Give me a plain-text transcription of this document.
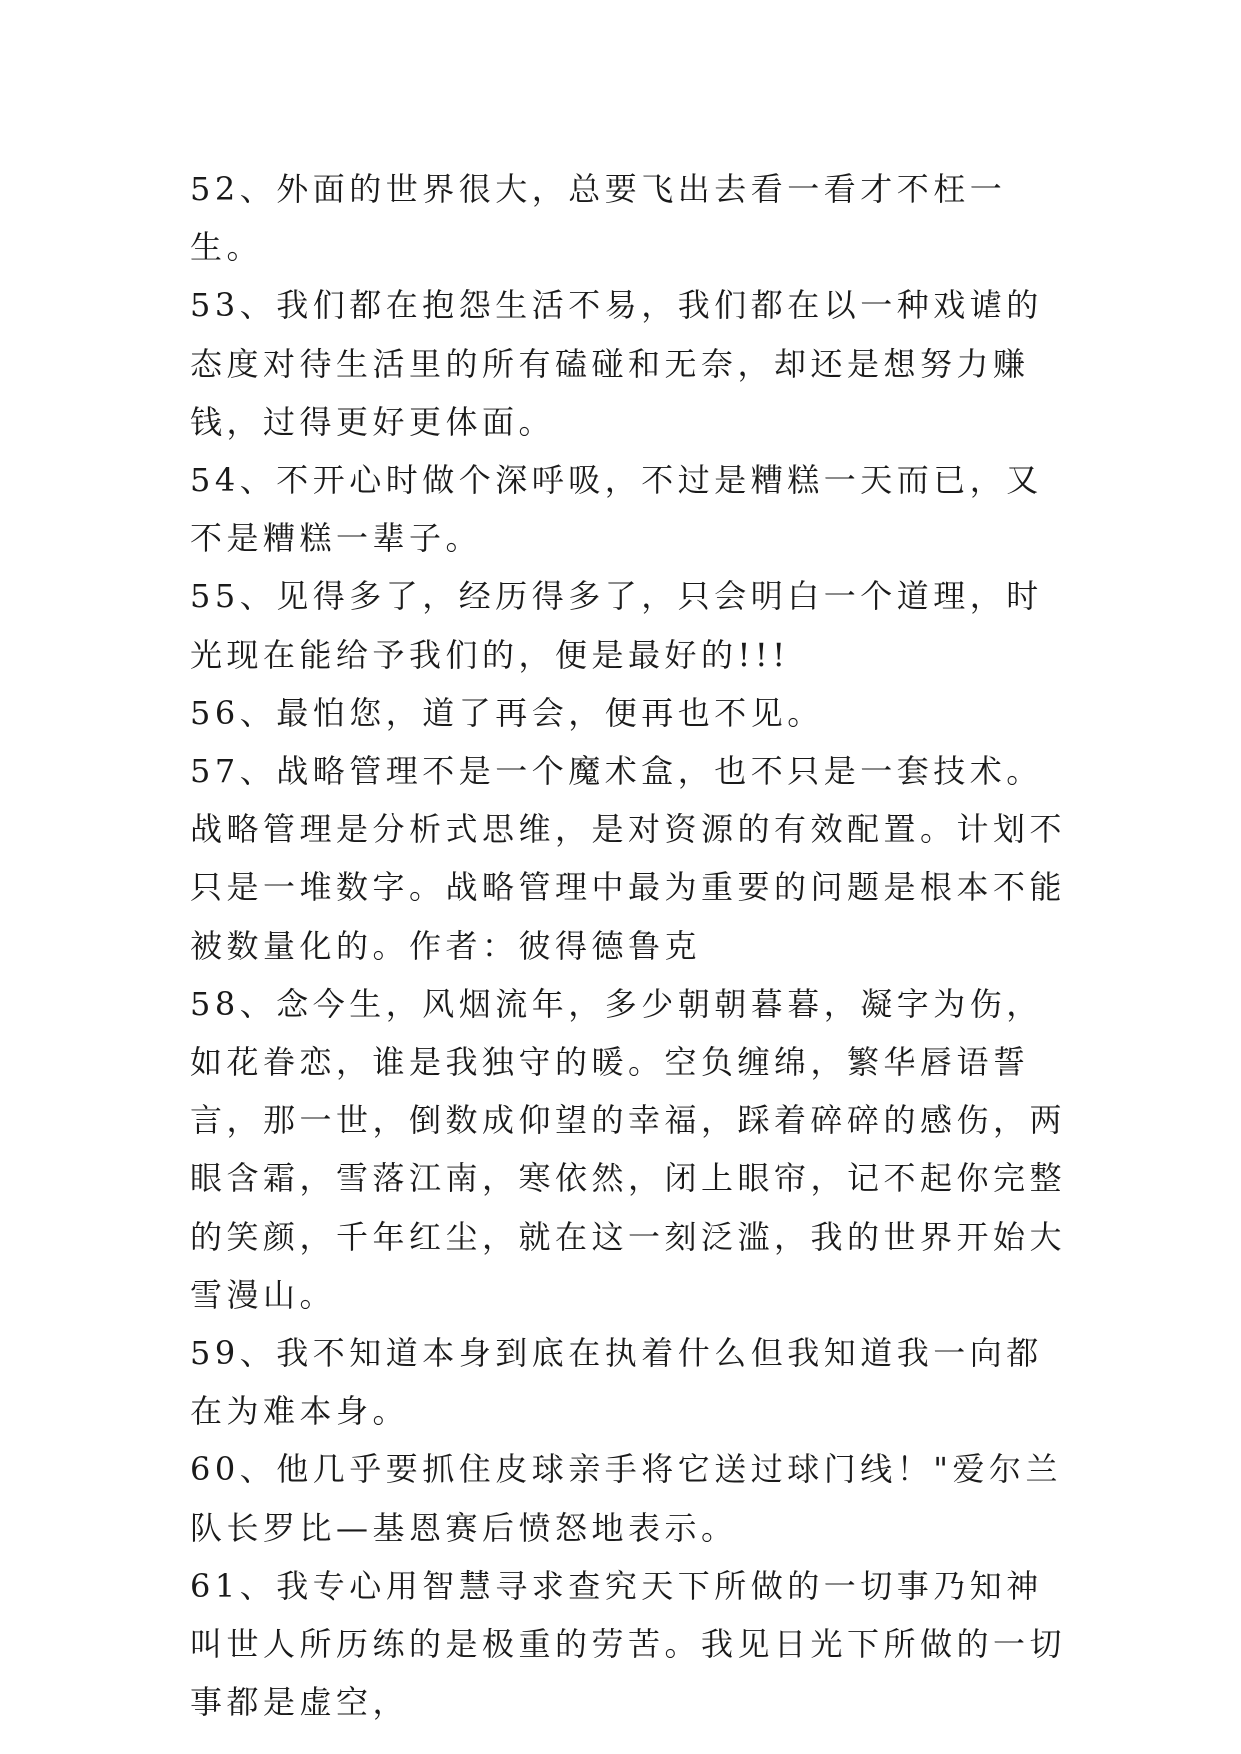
52、外面的世界很大，总要飞出去看一看才不枉一生。

53、我们都在抱怨生活不易，我们都在以一种戏谑的态度对待生活里的所有磕碰和无奈，却还是想努力赚钱，过得更好更体面。

54、不开心时做个深呼吸，不过是糟糕一天而已，又不是糟糕一辈子。

55、见得多了，经历得多了，只会明白一个道理，时光现在能给予我们的，便是最好的!!!

56、最怕您，道了再会，便再也不见。

57、战略管理不是一个魔术盒，也不只是一套技术。战略管理是分析式思维，是对资源的有效配置。计划不只是一堆数字。战略管理中最为重要的问题是根本不能被数量化的。作者：彼得德鲁克

58、念今生，风烟流年，多少朝朝暮暮，凝字为伤，如花眷恋，谁是我独守的暖。空负缠绵，繁华唇语誓言，那一世，倒数成仰望的幸福，踩着碎碎的感伤，两眼含霜，雪落江南，寒依然，闭上眼帘，记不起你完整的笑颜，千年红尘，就在这一刻泛滥，我的世界开始大雪漫山。

59、我不知道本身到底在执着什么但我知道我一向都在为难本身。

60、他几乎要抓住皮球亲手将它送过球门线！"爱尔兰队长罗比—基恩赛后愤怒地表示。

61、我专心用智慧寻求查究天下所做的一切事乃知神叫世人所历练的是极重的劳苦。我见日光下所做的一切事都是虚空，
